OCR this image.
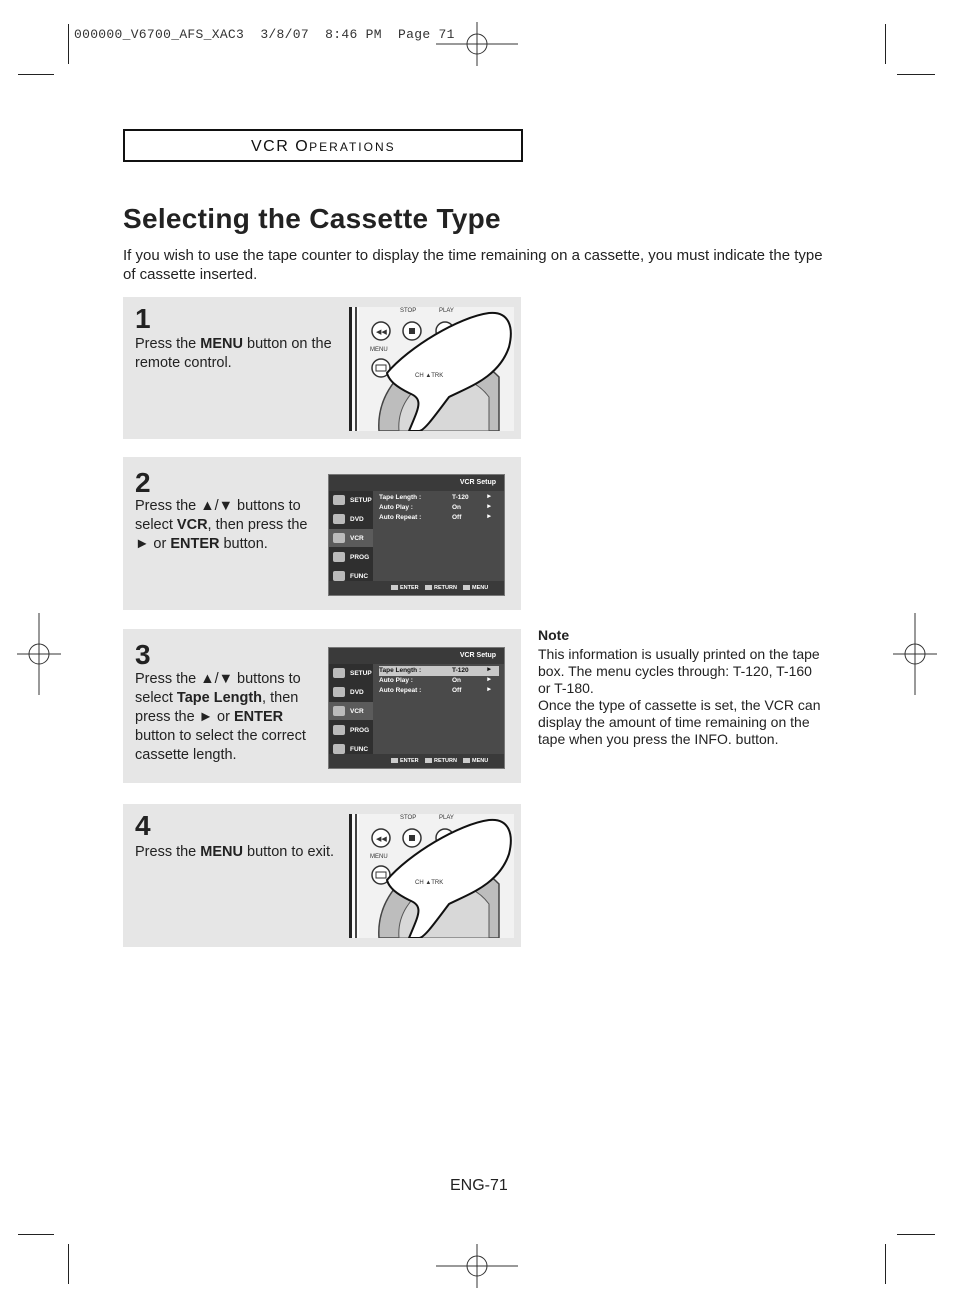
000000_V6700_AFS_XAC3  3/8/07  8:46 PM  Page 71
VCR OPERATIONS
Selecting the Cassette Type
If you wish to use the tape counter to display the time remaining on a cassette, you must indicate the type of cassette inserted.
1
Press the MENU button on the remote control.
◀◀
STOP	PLAY
MENU
CH ▲TRK
2
Press the ▲/▼ buttons to select VCR, then press the ► or ENTER button.
VCR Setup
SETUP
DVD
VCR
PROG
FUNC
Tape Length :	T-120	►
Auto Play :	On	►
Auto Repeat :	Off	►
ENTER	RETURN	MENU
3
Press the ▲/▼ buttons to select Tape Length, then press the ► or ENTER button to select the correct cassette length.
VCR Setup
SETUP
DVD
VCR
PROG
FUNC
Tape Length :	T-120	►
Auto Play :	On	►
Auto Repeat :	Off	►
ENTER	RETURN	MENU
4
Press the MENU button to exit.
◀◀
STOP	PLAY
MENU
CH ▲TRK
Note
This information is usually printed on the tape box. The menu cycles through: T-120, T-160 or T-180.
Once the type of cassette is set, the VCR can display the amount of time remaining on the tape when you press the INFO. button.
ENG-71
